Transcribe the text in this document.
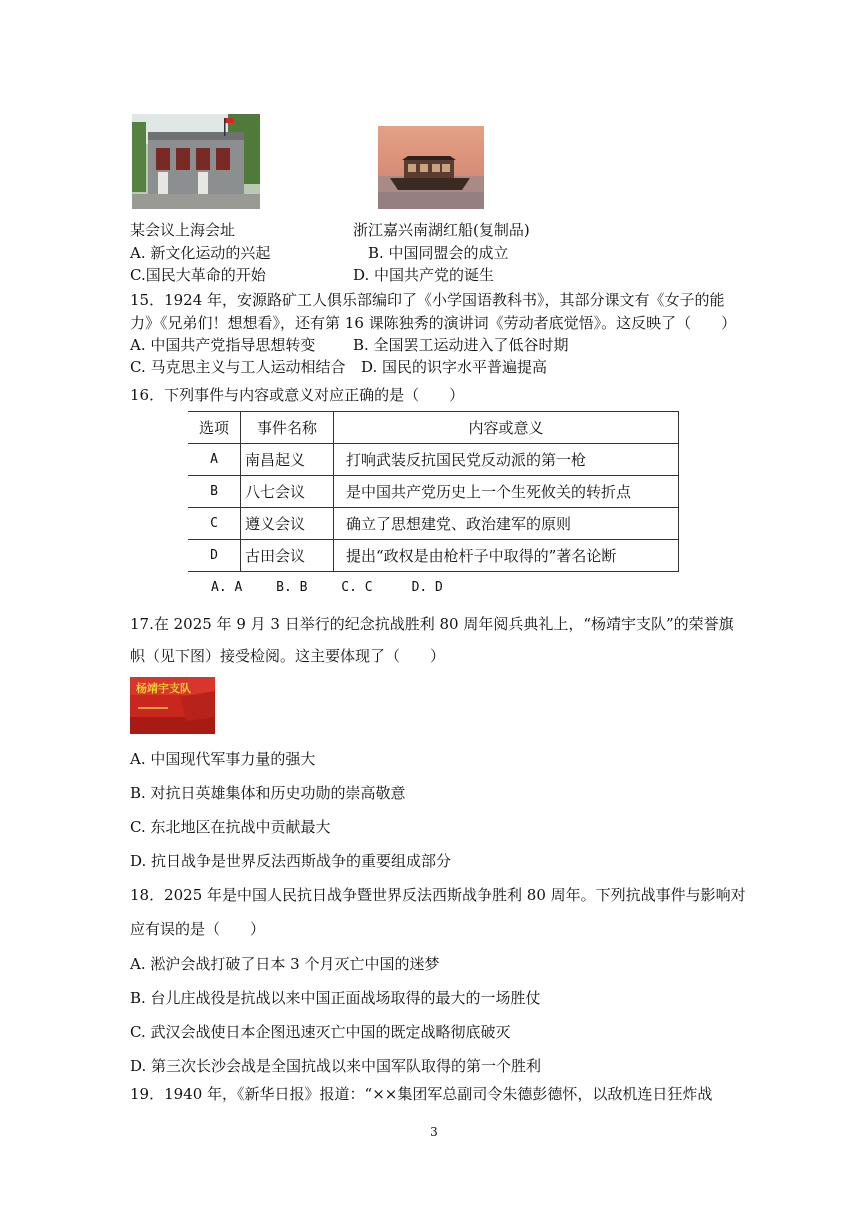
某会议上海会址	浙江嘉兴南湖红船(复制品)
A. 新文化运动的兴起	B. 中国同盟会的成立
C.国民大革命的开始	D. 中国共产党的诞生
15．1924 年，安源路矿工人俱乐部编印了《小学国语教科书》，其部分课文有《女子的能
力》《兄弟们！想想看》，还有第 16 课陈独秀的演讲词《劳动者底觉悟》。这反映了（　　）
A. 中国共产党指导思想转变	B. 全国罢工运动进入了低谷时期
C. 马克思主义与工人运动相结合 D. 国民的识字水平普遍提高
16．下列事件与内容或意义对应正确的是（　　）
选项	事件名称	内容或意义
A	南昌起义	打响武装反抗国民党反动派的第一枪
B	八七会议	是中国共产党历史上一个生死攸关的转折点
C	遵义会议	确立了思想建党、政治建军的原则
D	古田会议	提出“政权是由枪杆子中取得的”著名论断
A. A　　 B. B　　 C. C　　　D. D
17.在 2025 年 9 月 3 日举行的纪念抗战胜利 80 周年阅兵典礼上，“杨靖宇支队”的荣誉旗
帜（见下图）接受检阅。这主要体现了（　　）
杨靖宇支队
A. 中国现代军事力量的强大
B. 对抗日英雄集体和历史功勋的崇高敬意
C. 东北地区在抗战中贡献最大
D. 抗日战争是世界反法西斯战争的重要组成部分
18．2025 年是中国人民抗日战争暨世界反法西斯战争胜利 80 周年。下列抗战事件与影响对
应有误的是（　　）
A. 淞沪会战打破了日本 3 个月灭亡中国的迷梦
B. 台儿庄战役是抗战以来中国正面战场取得的最大的一场胜仗
C. 武汉会战使日本企图迅速灭亡中国的既定战略彻底破灭
D. 第三次长沙会战是全国抗战以来中国军队取得的第一个胜利
19．1940 年，《新华日报》报道：“××集团军总副司令朱德彭德怀，以敌机连日狂炸战
3
